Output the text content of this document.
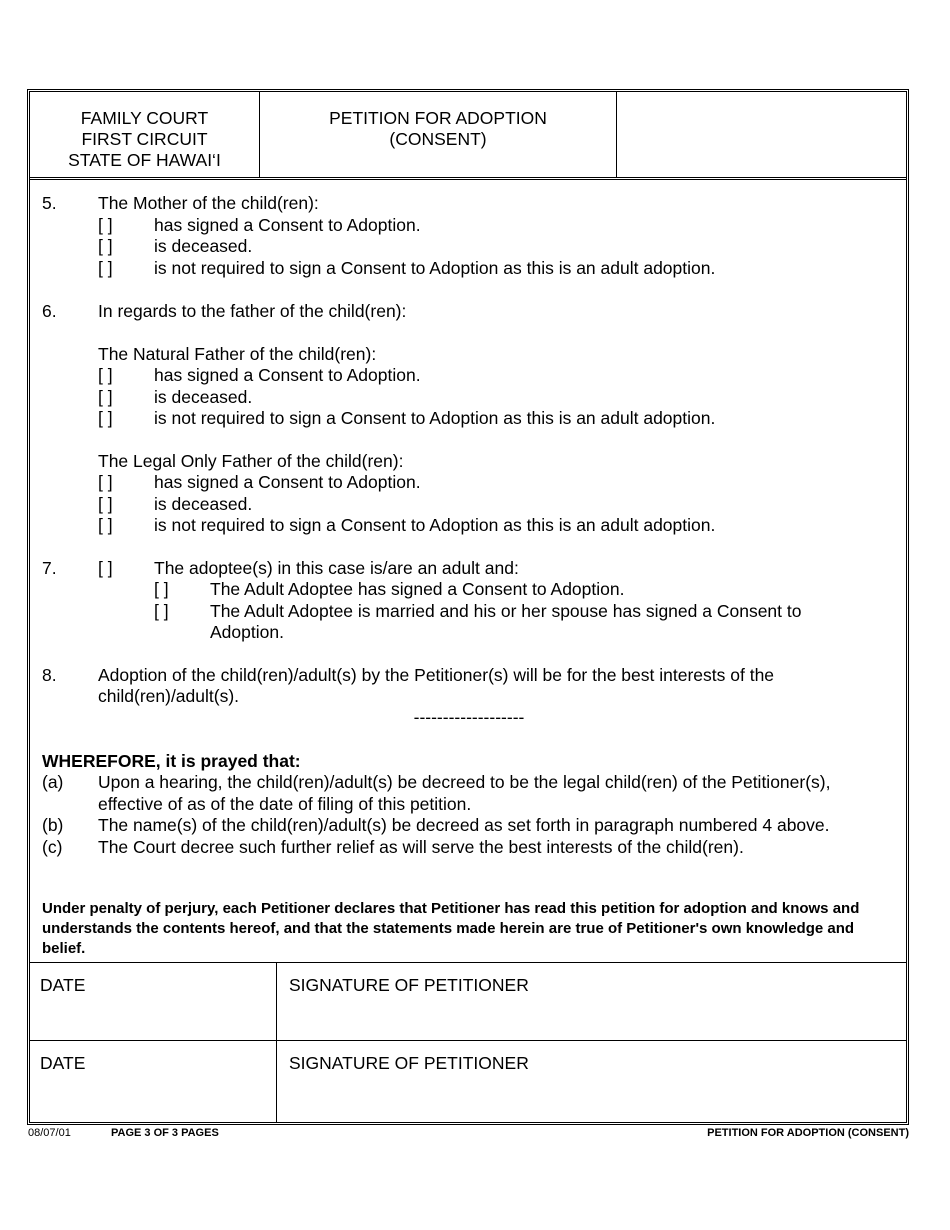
FAMILY COURT
FIRST CIRCUIT
STATE OF HAWAI‘I
PETITION FOR ADOPTION
(CONSENT)
5. The Mother of the child(ren):
[ ] has signed a Consent to Adoption.
[ ] is deceased.
[ ] is not required to sign a Consent to Adoption as this is an adult adoption.
6. In regards to the father of the child(ren):
The Natural Father of the child(ren):
[ ] has signed a Consent to Adoption.
[ ] is deceased.
[ ] is not required to sign a Consent to Adoption as this is an adult adoption.
The Legal Only Father of the child(ren):
[ ] has signed a Consent to Adoption.
[ ] is deceased.
[ ] is not required to sign a Consent to Adoption as this is an adult adoption.
7. [ ] The adoptee(s) in this case is/are an adult and:
[ ] The Adult Adoptee has signed a Consent to Adoption.
[ ] The Adult Adoptee is married and his or her spouse has signed a Consent to
Adoption.
8. Adoption of the child(ren)/adult(s) by the Petitioner(s) will be for the best interests of the
child(ren)/adult(s).
-------------------
WHEREFORE, it is prayed that:
(a) Upon a hearing, the child(ren)/adult(s) be decreed to be the legal child(ren) of the Petitioner(s),
effective of as of the date of filing of this petition.
(b) The name(s) of the child(ren)/adult(s) be decreed as set forth in paragraph numbered 4 above.
(c) The Court decree such further relief as will serve the best interests of the child(ren).
Under penalty of perjury, each Petitioner declares that Petitioner has read this petition for adoption and knows and understands the contents hereof, and that the statements made herein are true of Petitioner's own knowledge and belief.
DATE	SIGNATURE OF PETITIONER
DATE	SIGNATURE OF PETITIONER
08/07/01	PAGE 3 OF 3 PAGES	PETITION FOR ADOPTION (CONSENT)
